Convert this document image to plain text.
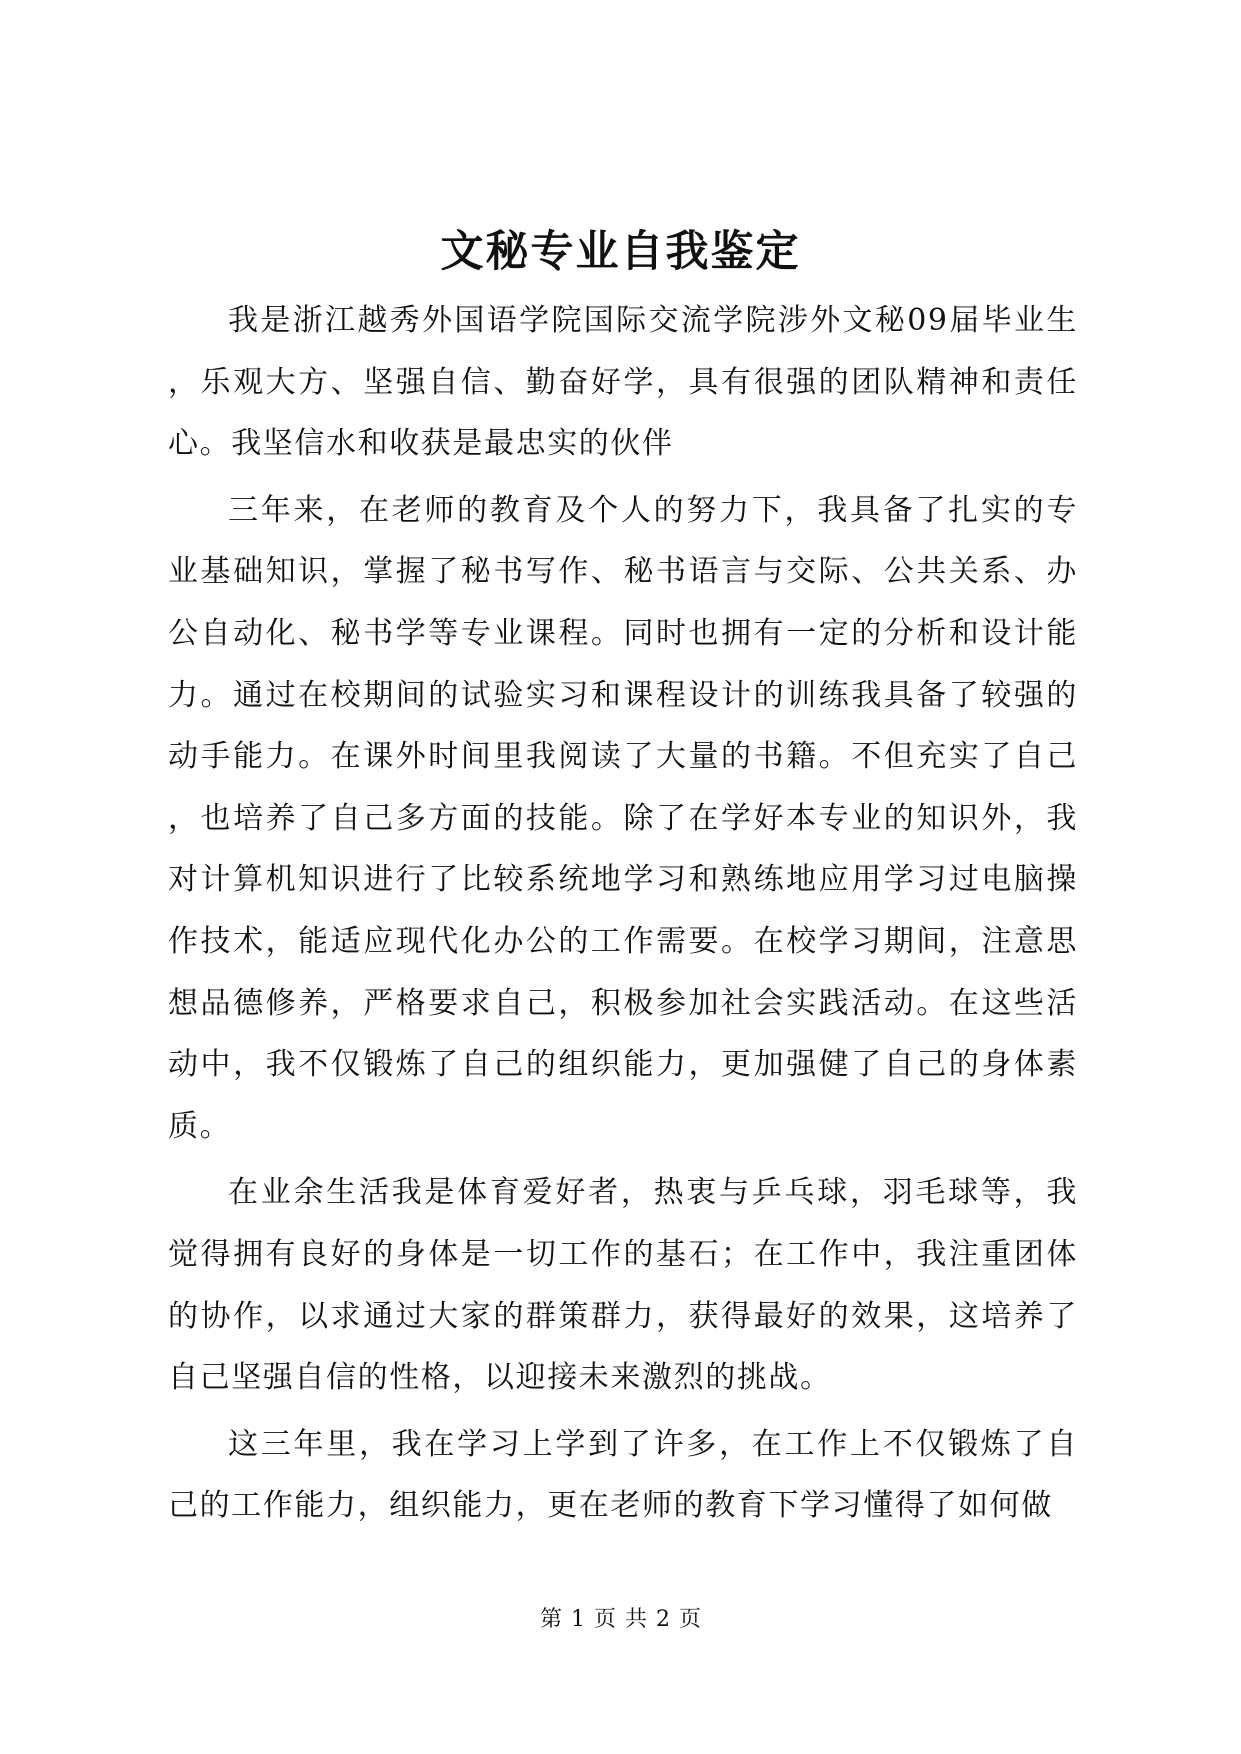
文秘专业自我鉴定

我是浙江越秀外国语学院国际交流学院涉外文秘09届毕业生，乐观大方、坚强自信、勤奋好学，具有很强的团队精神和责任心。我坚信水和收获是最忠实的伙伴

三年来，在老师的教育及个人的努力下，我具备了扎实的专业基础知识，掌握了秘书写作、秘书语言与交际、公共关系、办公自动化、秘书学等专业课程。同时也拥有一定的分析和设计能力。通过在校期间的试验实习和课程设计的训练我具备了较强的动手能力。在课外时间里我阅读了大量的书籍。不但充实了自己，也培养了自己多方面的技能。除了在学好本专业的知识外，我对计算机知识进行了比较系统地学习和熟练地应用学习过电脑操作技术，能适应现代化办公的工作需要。在校学习期间，注意思想品德修养，严格要求自己，积极参加社会实践活动。在这些活动中，我不仅锻炼了自己的组织能力，更加强健了自己的身体素质。

在业余生活我是体育爱好者，热衷与乒乓球，羽毛球等，我觉得拥有良好的身体是一切工作的基石；在工作中，我注重团体的协作，以求通过大家的群策群力，获得最好的效果，这培养了自己坚强自信的性格，以迎接未来激烈的挑战。

这三年里，我在学习上学到了许多，在工作上不仅锻炼了自己的工作能力，组织能力，更在老师的教育下学习懂得了如何做

第 1 页 共 2 页
